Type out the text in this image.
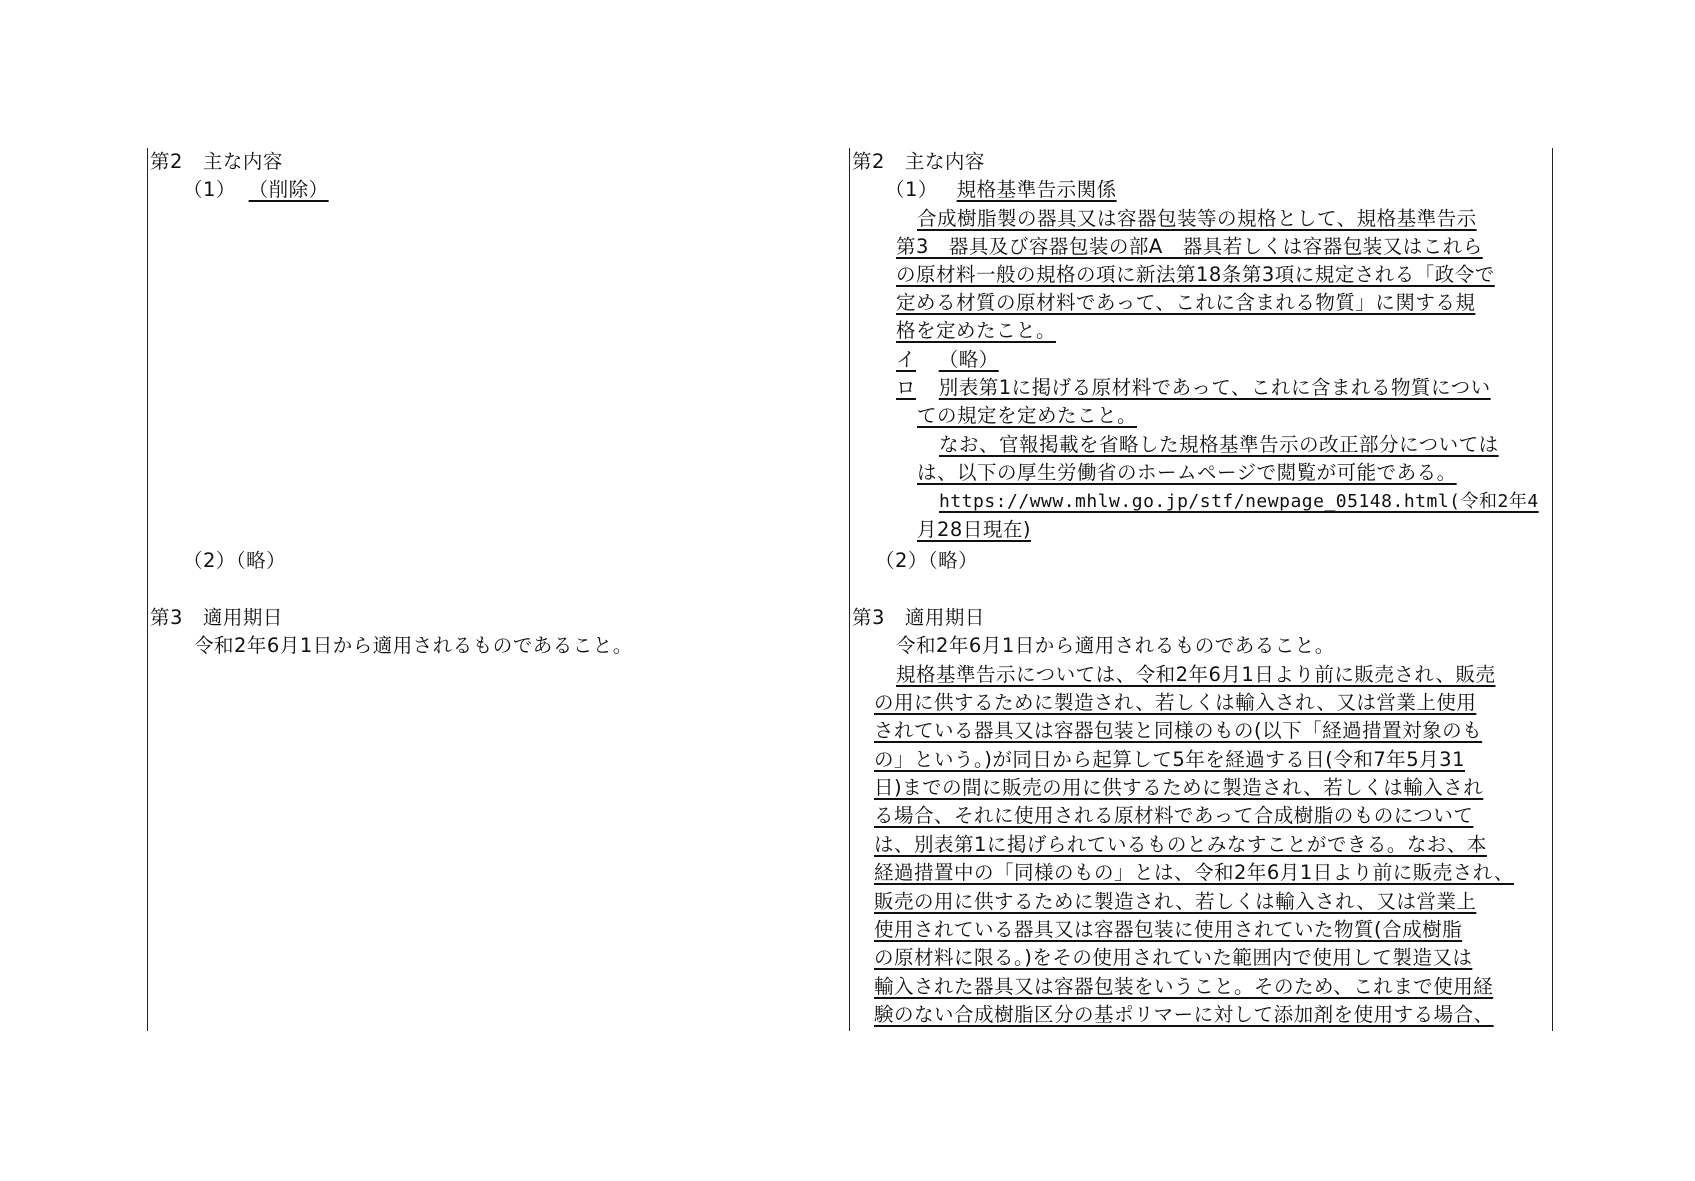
第2　主な内容
（1） （削除）
（2）（略）
第3　適用期日
令和2年6月1日から適用されるものであること。
第2　主な内容
（1） 規格基準告示関係
合成樹脂製の器具又は容器包装等の規格として、規格基準告示
第3　器具及び容器包装の部A　器具若しくは容器包装又はこれら
の原材料一般の規格の項に新法第18条第3項に規定される「政令で
定める材質の原材料であって、これに含まれる物質」に関する規
格を定めたこと。
イ （略）
ロ 別表第1に掲げる原材料であって、これに含まれる物質につい
ての規定を定めたこと。
なお、官報掲載を省略した規格基準告示の改正部分については
は、以下の厚生労働省のホームページで閲覧が可能である。
https://www.mhlw.go.jp/stf/newpage_05148.html(令和2年4
月28日現在)
（2）（略）
第3　適用期日
令和2年6月1日から適用されるものであること。
規格基準告示については、令和2年6月1日より前に販売され、販売
の用に供するために製造され、若しくは輸入され、又は営業上使用
されている器具又は容器包装と同様のもの(以下「経過措置対象のも
の」という。)が同日から起算して5年を経過する日(令和7年5月31
日)までの間に販売の用に供するために製造され、若しくは輸入され
る場合、それに使用される原材料であって合成樹脂のものについて
は、別表第1に掲げられているものとみなすことができる。なお、本
経過措置中の「同様のもの」とは、令和2年6月1日より前に販売され、
販売の用に供するために製造され、若しくは輸入され、又は営業上
使用されている器具又は容器包装に使用されていた物質(合成樹脂
の原材料に限る。)をその使用されていた範囲内で使用して製造又は
輸入された器具又は容器包装をいうこと。そのため、これまで使用経
験のない合成樹脂区分の基ポリマーに対して添加剤を使用する場合、
